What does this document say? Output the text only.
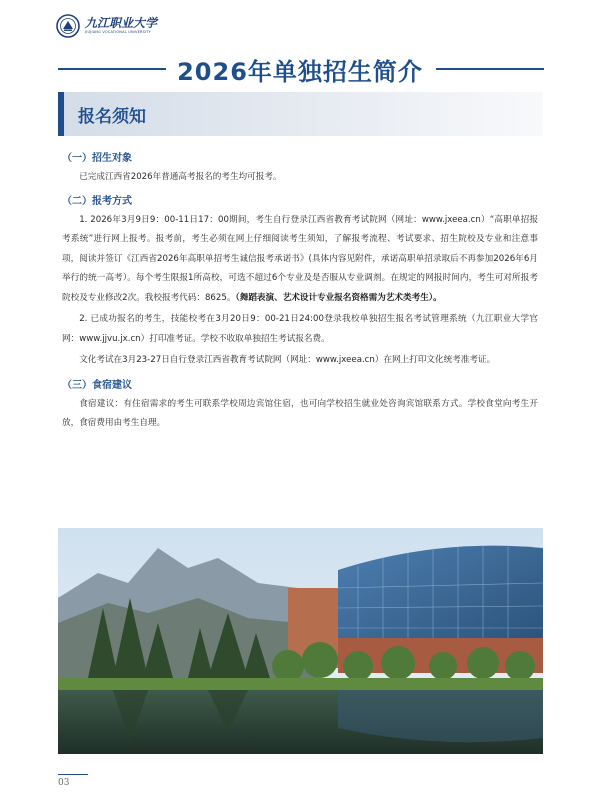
九江职业大学
JIUJIANG VOCATIONAL UNIVERSITY
2026年单独招生简介
报名须知
（一）招生对象
已完成江西省2026年普通高考报名的考生均可报考。
（二）报考方式
1. 2026年3月9日9：00-11日17：00期间，考生自行登录江西省教育考试院网（网址：www.jxeea.cn）“高职单招报考系统”进行网上报考。报考前，考生必须在网上仔细阅读考生须知，了解报考流程、考试要求、招生院校及专业和注意事项，阅读并签订《江西省2026年高职单招考生诚信报考承诺书》(具体内容见附件，承诺高职单招录取后不再参加2026年6月举行的统一高考）。每个考生限报1所高校，可选不超过6个专业及是否服从专业调剂。在规定的网报时间内，考生可对所报考院校及专业修改2次。我校报考代码：8625。（舞蹈表演、艺术设计专业报名资格需为艺术类考生）。
2. 已成功报名的考生，技能校考在3月20日9：00-21日24:00登录我校单独招生报名考试管理系统（九江职业大学官网：www.jjvu.jx.cn）打印准考证。学校不收取单独招生考试报名费。
文化考试在3月23-27日自行登录江西省教育考试院网（网址：www.jxeea.cn）在网上打印文化统考准考证。
（三）食宿建议
食宿建议：有住宿需求的考生可联系学校周边宾馆住宿，也可向学校招生就业处咨询宾馆联系方式。学校食堂向考生开放，食宿费用由考生自理。
03
